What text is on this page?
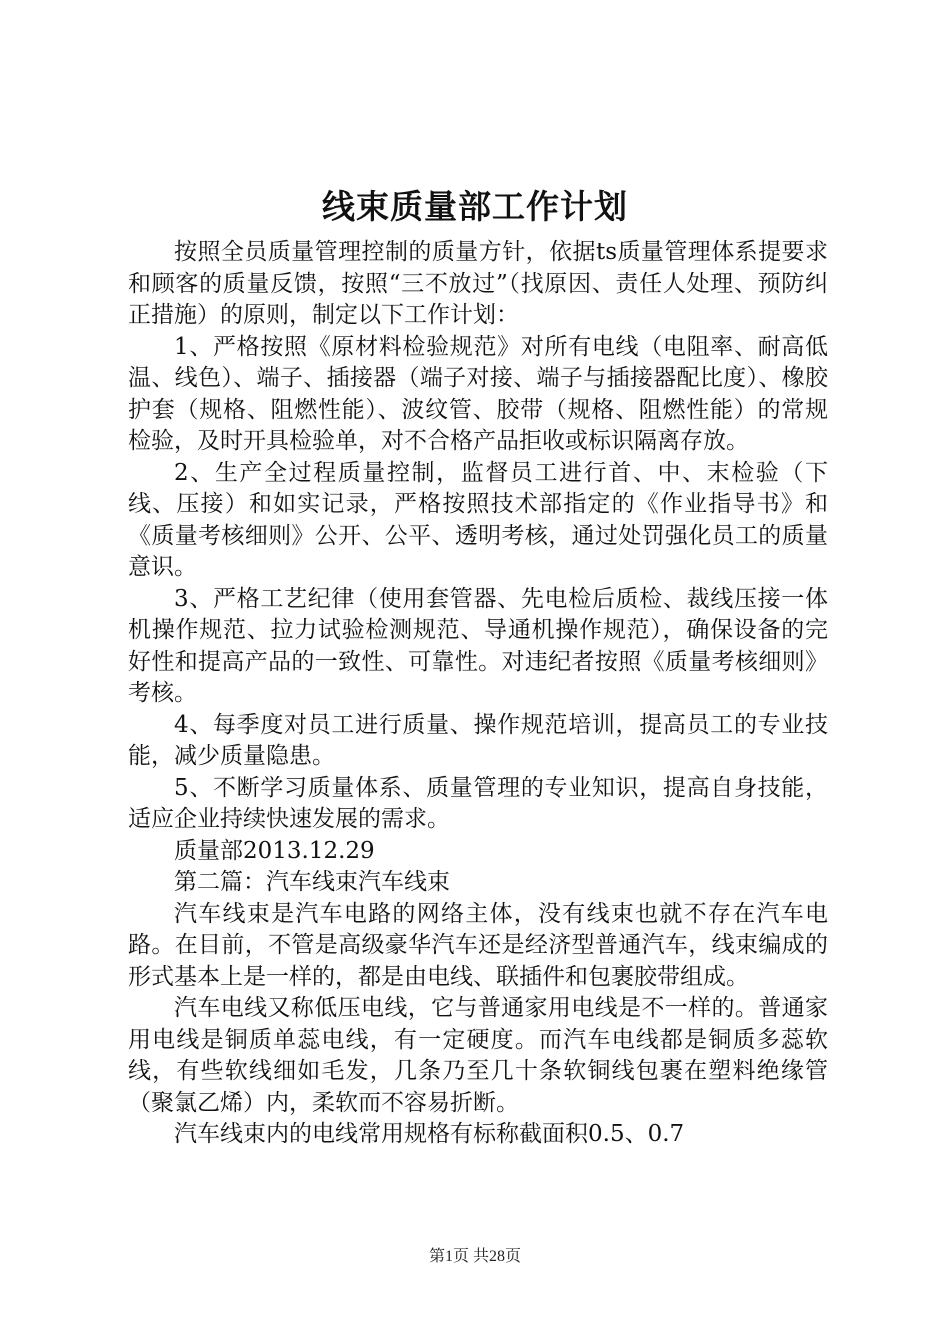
线束质量部工作计划

按照全员质量管理控制的质量方针，依据ts质量管理体系提要求和顾客的质量反馈，按照“三不放过”（找原因、责任人处理、预防纠正措施）的原则，制定以下工作计划：

1、严格按照《原材料检验规范》对所有电线（电阻率、耐高低温、线色）、端子、插接器（端子对接、端子与插接器配比度）、橡胶护套（规格、阻燃性能）、波纹管、胶带（规格、阻燃性能）的常规检验，及时开具检验单，对不合格产品拒收或标识隔离存放。

2、生产全过程质量控制，监督员工进行首、中、末检验（下线、压接）和如实记录，严格按照技术部指定的《作业指导书》和《质量考核细则》公开、公平、透明考核，通过处罚强化员工的质量意识。

3、严格工艺纪律（使用套管器、先电检后质检、裁线压接一体机操作规范、拉力试验检测规范、导通机操作规范），确保设备的完好性和提高产品的一致性、可靠性。对违纪者按照《质量考核细则》考核。

4、每季度对员工进行质量、操作规范培训，提高员工的专业技能，减少质量隐患。

5、不断学习质量体系、质量管理的专业知识，提高自身技能，适应企业持续快速发展的需求。

质量部2013.12.29

第二篇：汽车线束汽车线束

汽车线束是汽车电路的网络主体，没有线束也就不存在汽车电路。在目前，不管是高级豪华汽车还是经济型普通汽车，线束编成的形式基本上是一样的，都是由电线、联插件和包裹胶带组成。

汽车电线又称低压电线，它与普通家用电线是不一样的。普通家用电线是铜质单蕊电线，有一定硬度。而汽车电线都是铜质多蕊软线，有些软线细如毛发，几条乃至几十条软铜线包裹在塑料绝缘管（聚氯乙烯）内，柔软而不容易折断。

汽车线束内的电线常用规格有标称截面积0.5、0.7

第1页 共28页
